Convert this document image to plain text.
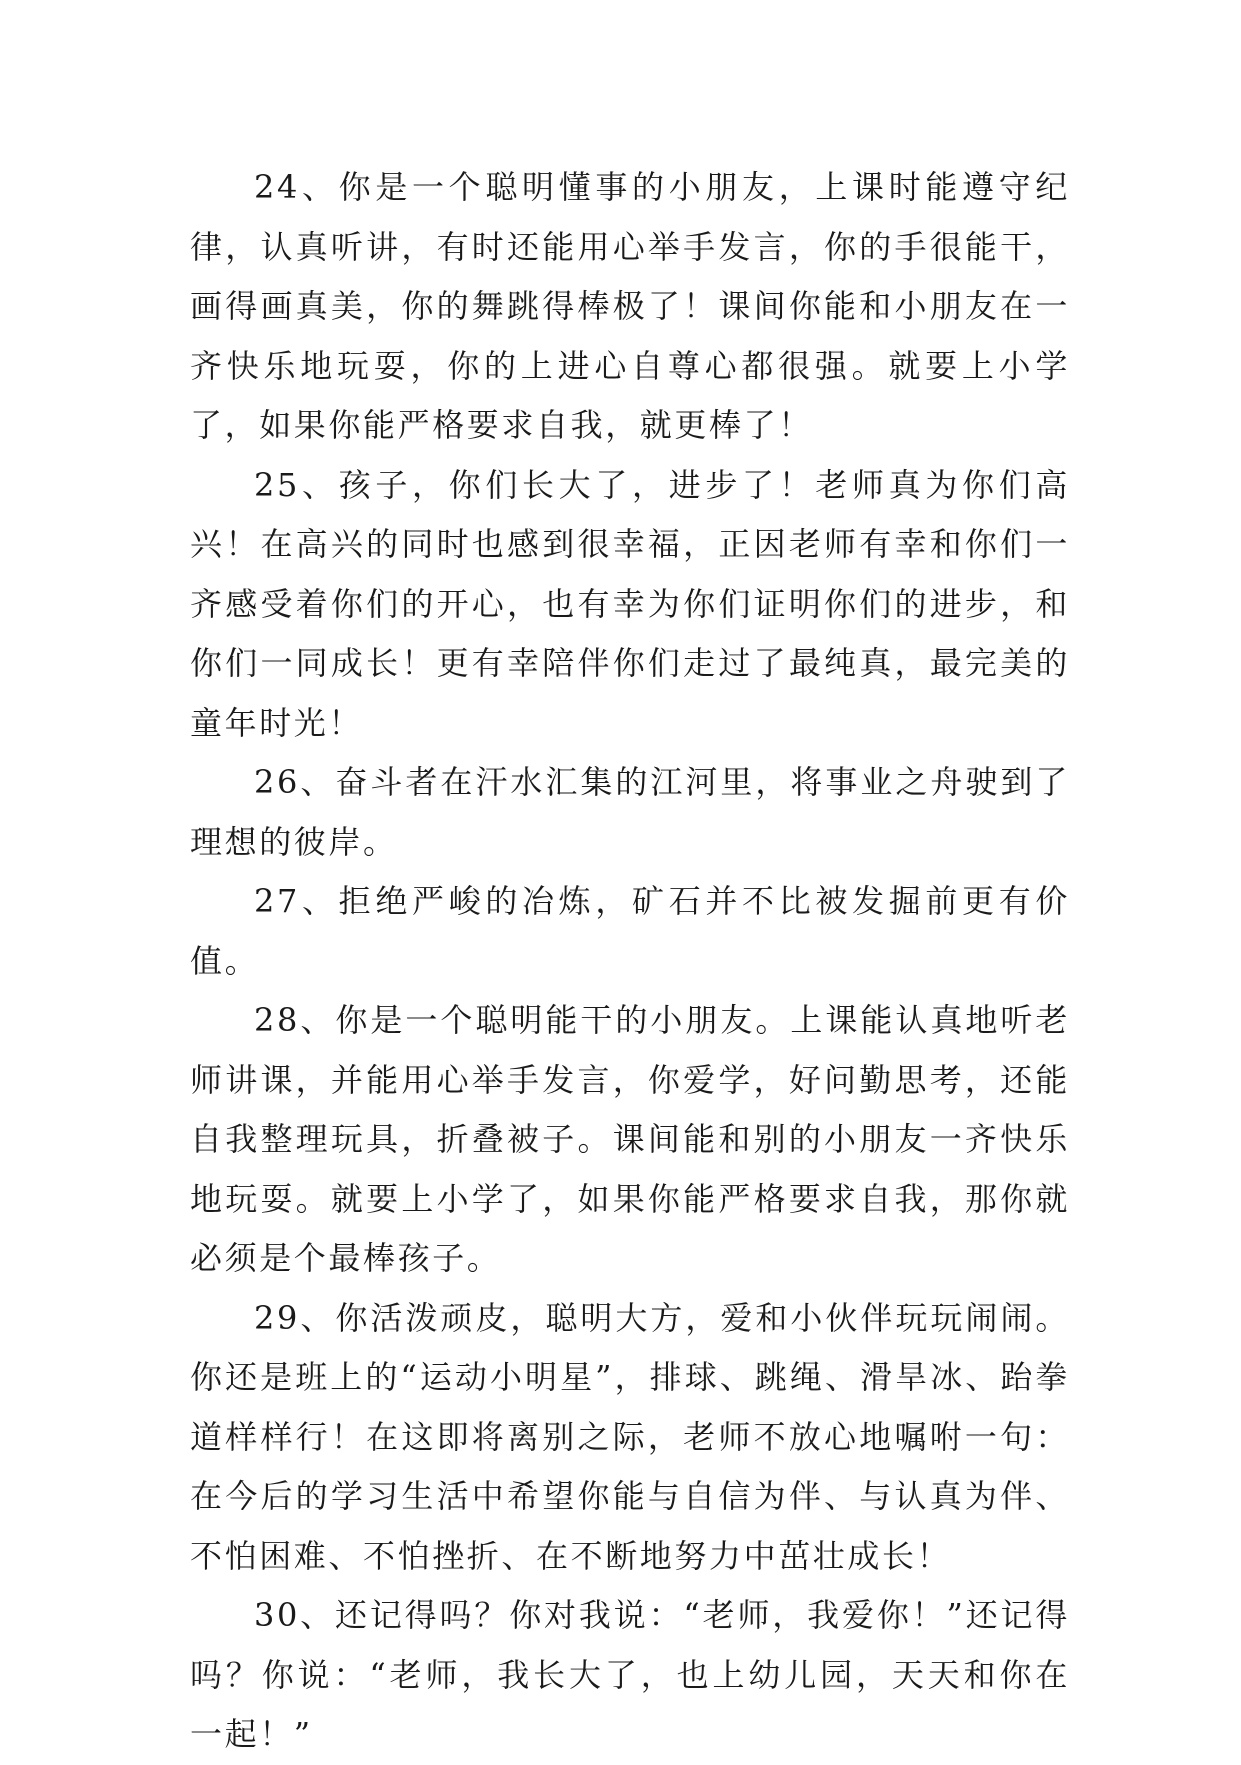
24、你是一个聪明懂事的小朋友，上课时能遵守纪律，认真听讲，有时还能用心举手发言，你的手很能干，画得画真美，你的舞跳得棒极了！课间你能和小朋友在一齐快乐地玩耍，你的上进心自尊心都很强。就要上小学了，如果你能严格要求自我，就更棒了！

25、孩子，你们长大了，进步了！老师真为你们高兴！在高兴的同时也感到很幸福，正因老师有幸和你们一齐感受着你们的开心，也有幸为你们证明你们的进步，和你们一同成长！更有幸陪伴你们走过了最纯真，最完美的童年时光！

26、奋斗者在汗水汇集的江河里，将事业之舟驶到了理想的彼岸。

27、拒绝严峻的冶炼，矿石并不比被发掘前更有价值。

28、你是一个聪明能干的小朋友。上课能认真地听老师讲课，并能用心举手发言，你爱学，好问勤思考，还能自我整理玩具，折叠被子。课间能和别的小朋友一齐快乐地玩耍。就要上小学了，如果你能严格要求自我，那你就必须是个最棒孩子。

29、你活泼顽皮，聪明大方，爱和小伙伴玩玩闹闹。你还是班上的“运动小明星”，排球、跳绳、滑旱冰、跆拳道样样行！在这即将离别之际，老师不放心地嘱咐一句：在今后的学习生活中希望你能与自信为伴、与认真为伴、不怕困难、不怕挫折、在不断地努力中茁壮成长！

30、还记得吗？你对我说：“老师，我爱你！”还记得吗？你说：“老师，我长大了，也上幼儿园，天天和你在一起！”
